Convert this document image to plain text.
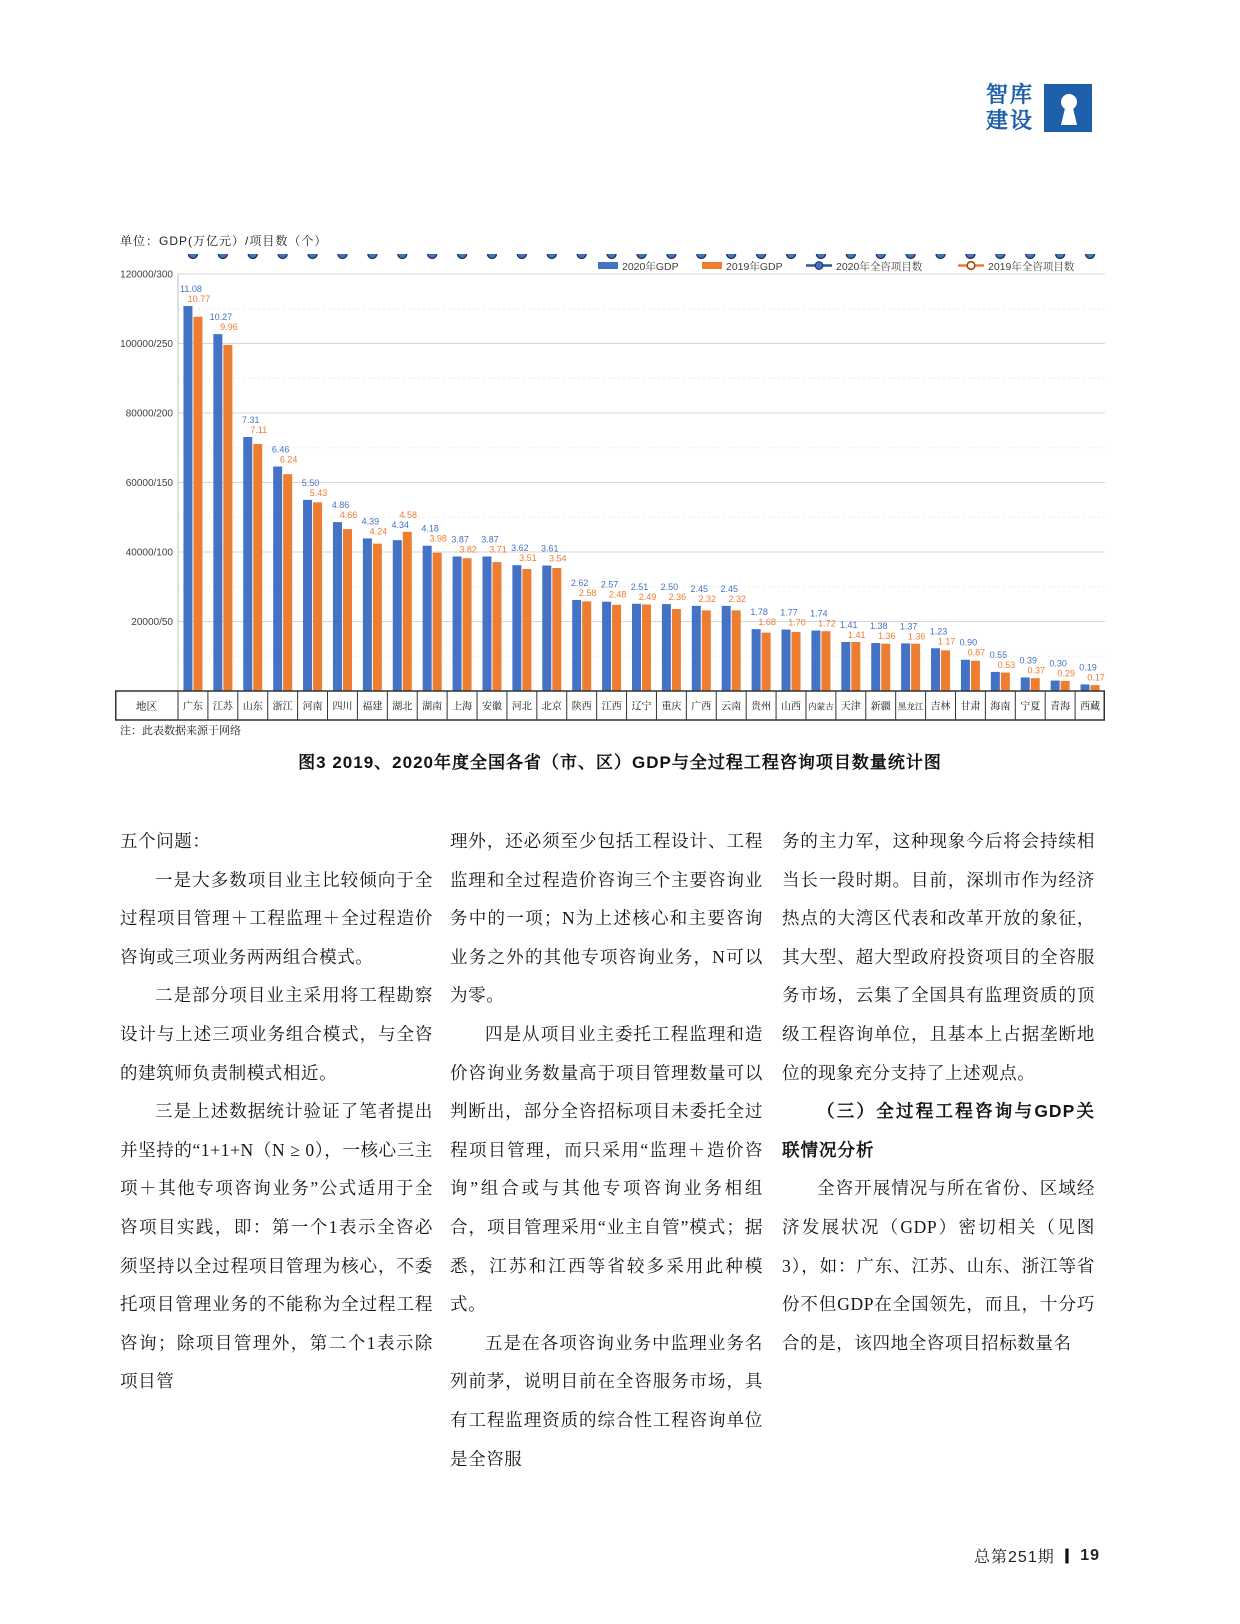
智库
建设
单位：GDP(万亿元）/项目数（个）
120000/300
100000/250
80000/200
60000/150
40000/100
20000/50
11.08
10.77
10.27
9.96
7.31
7.11
6.46
6.24
5.50
5.43
4.86
4.66
4.39
4.24
4.34
4.58
4.18
3.98 3.87
3.82
3.87
3.71 3.62
3.51
3.61
3.54
2.62
2.58
2.57
2.48
2.51
2.49
2.50
2.36
2.45
2.32
2.45
2.32
1.78
1.68
1.77
1.70
1.74
1.72 1.41
1.41
1.38
1.36
1.37
1.36
1.23
1.17 0.90
0.87 0.55
0.53 0.39
0.37
0.30
0.29
0.19
0.17
2020年GDP	2019年GDP	2020年全咨项目数	2019年全咨项目数
地区	广东 江苏 山东 浙江 河南 四川 福建 湖北 湖南 上海 安徽 河北 北京 陕西 江西 辽宁 重庆 广西 云南 贵州 山西 内蒙古 天津 新疆 黑龙江 吉林 甘肃 海南 宁夏 青海 西藏
注：此表数据来源于网络
图3 2019、2020年度全国各省（市、区）GDP与全过程工程咨询项目数量统计图

五个问题：

一是大多数项目业主比较倾向于全过程项目管理＋工程监理＋全过程造价咨询或三项业务两两组合模式。

二是部分项目业主采用将工程勘察设计与上述三项业务组合模式，与全咨的建筑师负责制模式相近。

三是上述数据统计验证了笔者提出并坚持的“1+1+N（N ≥ 0），一核心三主项＋其他专项咨询业务”公式适用于全咨项目实践，即：第一个1表示全咨必须坚持以全过程项目管理为核心，不委托项目管理业务的不能称为全过程工程咨询；除项目管理外，第二个1表示除项目管

理外，还必须至少包括工程设计、工程监理和全过程造价咨询三个主要咨询业务中的一项；N为上述核心和主要咨询业务之外的其他专项咨询业务，N可以为零。

四是从项目业主委托工程监理和造价咨询业务数量高于项目管理数量可以判断出，部分全咨招标项目未委托全过程项目管理，而只采用“监理＋造价咨询”组合或与其他专项咨询业务相组合，项目管理采用“业主自管”模式；据悉，江苏和江西等省较多采用此种模式。

五是在各项咨询业务中监理业务名列前茅，说明目前在全咨服务市场，具有工程监理资质的综合性工程咨询单位是全咨服

务的主力军，这种现象今后将会持续相当长一段时期。目前，深圳市作为经济热点的大湾区代表和改革开放的象征，其大型、超大型政府投资项目的全咨服务市场，云集了全国具有监理资质的顶级工程咨询单位，且基本上占据垄断地位的现象充分支持了上述观点。

（三）全过程工程咨询与GDP关联情况分析

全咨开展情况与所在省份、区域经济发展状况（GDP）密切相关（见图3），如：广东、江苏、山东、浙江等省份不但GDP在全国领先，而且，十分巧合的是，该四地全咨项目招标数量名

总第251期 | 19
